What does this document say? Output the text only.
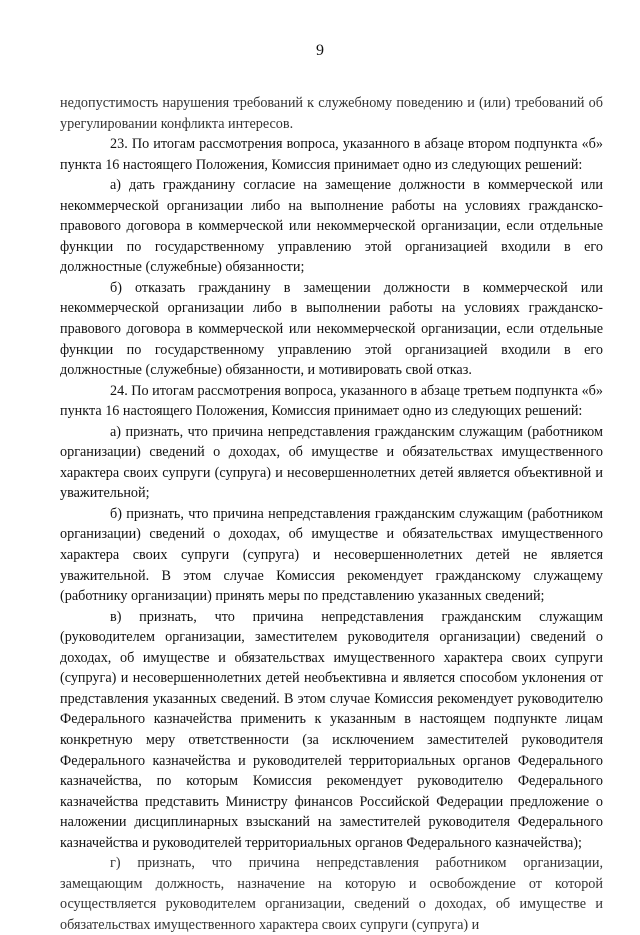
9

недопустимость нарушения требований к служебному поведению и (или) требований об урегулировании конфликта интересов.

23. По итогам рассмотрения вопроса, указанного в абзаце втором подпункта «б» пункта 16 настоящего Положения, Комиссия принимает одно из следующих решений:

а) дать гражданину согласие на замещение должности в коммерческой или некоммерческой организации либо на выполнение работы на условиях гражданско-правового договора в коммерческой или некоммерческой организации, если отдельные функции по государственному управлению этой организацией входили в его должностные (служебные) обязанности;

б) отказать гражданину в замещении должности в коммерческой или некоммерческой организации либо в выполнении работы на условиях гражданско-правового договора в коммерческой или некоммерческой организации, если отдельные функции по государственному управлению этой организацией входили в его должностные (служебные) обязанности, и мотивировать свой отказ.

24. По итогам рассмотрения вопроса, указанного в абзаце третьем подпункта «б» пункта 16 настоящего Положения, Комиссия принимает одно из следующих решений:

а) признать, что причина непредставления гражданским служащим (работником организации) сведений о доходах, об имуществе и обязательствах имущественного характера своих супруги (супруга) и несовершеннолетних детей является объективной и уважительной;

б) признать, что причина непредставления гражданским служащим (работником организации) сведений о доходах, об имуществе и обязательствах имущественного характера своих супруги (супруга) и несовершеннолетних детей не является уважительной. В этом случае Комиссия рекомендует гражданскому служащему (работнику организации) принять меры по представлению указанных сведений;

в) признать, что причина непредставления гражданским служащим (руководителем организации, заместителем руководителя организации) сведений о доходах, об имуществе и обязательствах имущественного характера своих супруги (супруга) и несовершеннолетних детей необъективна и является способом уклонения от представления указанных сведений. В этом случае Комиссия рекомендует руководителю Федерального казначейства применить к указанным в настоящем подпункте лицам конкретную меру ответственности (за исключением заместителей руководителя Федерального казначейства и руководителей территориальных органов Федерального казначейства, по которым Комиссия рекомендует руководителю Федерального казначейства представить Министру финансов Российской Федерации предложение о наложении дисциплинарных взысканий на заместителей руководителя Федерального казначейства и руководителей территориальных органов Федерального казначейства);

г) признать, что причина непредставления работником организации, замещающим должность, назначение на которую и освобождение от которой осуществляется руководителем организации, сведений о доходах, об имуществе и обязательствах имущественного характера своих супруги (супруга) и
